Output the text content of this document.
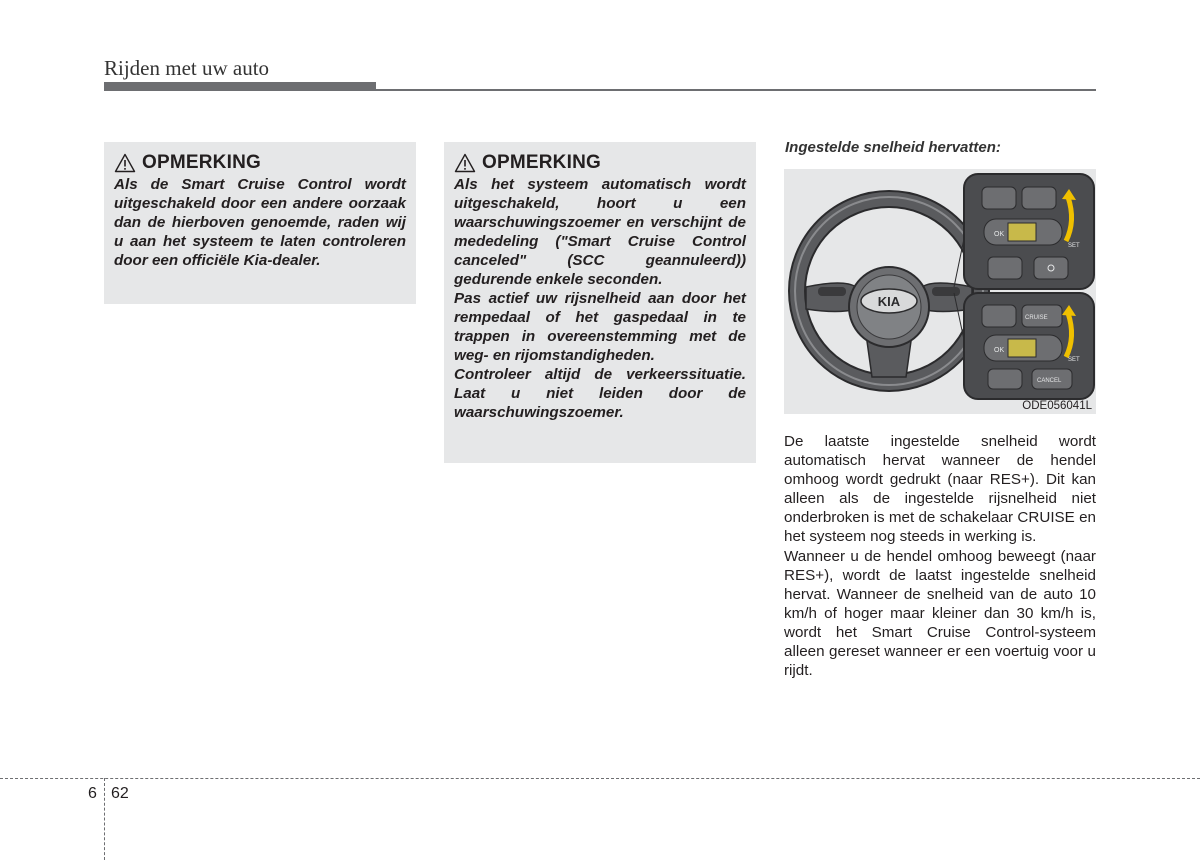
Rijden met uw auto
OPMERKING

Als de Smart Cruise Control wordt uitgeschakeld door een andere oorzaak dan de hierboven genoemde, raden wij u aan het systeem te laten controleren door een officiële Kia-dealer.

OPMERKING

Als het systeem automatisch wordt uitgeschakeld, hoort u een waarschuwingszoemer en verschijnt de mededeling ("Smart Cruise Control canceled" (SCC geannuleerd)) gedurende enkele seconden.

Pas actief uw rijsnelheid aan door het rempedaal of het gaspedaal in te trappen in overeenstemming met de weg- en rijomstandigheden.

Controleer altijd de verkeerssituatie. Laat u niet leiden door de waarschuwingszoemer.

Ingestelde snelheid hervatten:
KIA
OK
SET
CRUISE
OK
SET
CANCEL
ODE056041L

De laatste ingestelde snelheid wordt automatisch hervat wanneer de hendel omhoog wordt gedrukt (naar RES+). Dit kan alleen als de ingestelde rijsnelheid niet onderbroken is met de schakelaar CRUISE en het systeem nog steeds in werking is.

Wanneer u de hendel omhoog beweegt (naar RES+), wordt de laatst ingestelde snelheid hervat. Wanneer de snelheid van de auto 10 km/h of hoger maar kleiner dan 30 km/h is, wordt het Smart Cruise Control-systeem alleen gereset wanneer er een voertuig voor u rijdt.

6 62
